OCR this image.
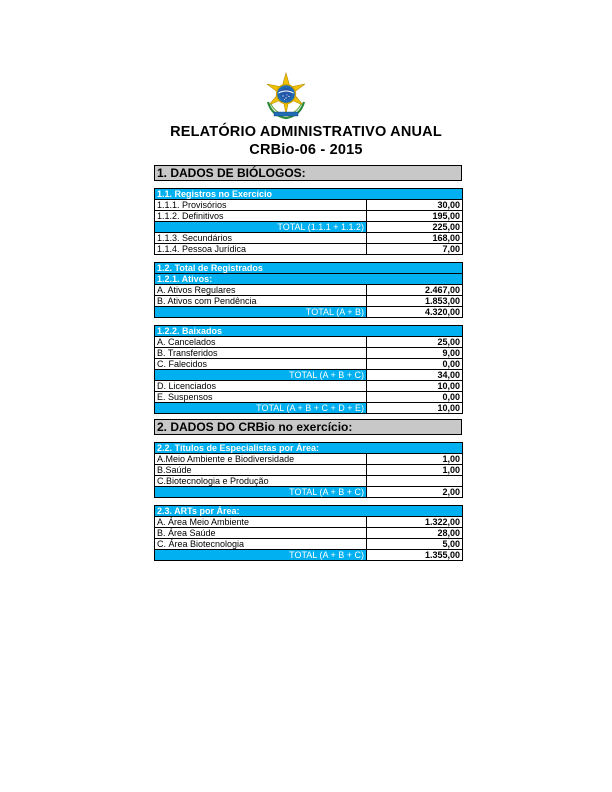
RELATÓRIO ADMINISTRATIVO ANUAL
CRBio-06 - 2015
1. DADOS DE BIÓLOGOS:
1.1. Registros no Exercício	
1.1.1. Provisórios	30,00
1.1.2. Definitivos	195,00
TOTAL (1.1.1 + 1.1.2)	225,00
1.1.3. Secundários	168,00
1.1.4. Pessoa Jurídica	7,00
1.2. Total de Registrados	
1.2.1. Ativos:	
A. Ativos Regulares	2.467,00
B. Ativos com Pendência	1.853,00
TOTAL (A + B)	4.320,00
1.2.2. Baixados	
A. Cancelados	25,00
B. Transferidos	9,00
C. Falecidos	0,00
TOTAL (A + B + C)	34,00
D. Licenciados	10,00
E. Suspensos	0,00
TOTAL (A + B + C + D + E)	10,00
2. DADOS DO CRBio no exercício:
2.2. Títulos de Especialistas por Área:	
A.Meio Ambiente e Biodiversidade	1,00
B.Saúde	1,00
C.Biotecnologia e Produção	
TOTAL (A + B + C)	2,00
2.3. ARTs por Área:	
A. Área Meio Ambiente	1.322,00
B. Área Saúde	28,00
C. Área Biotecnologia	5,00
TOTAL (A + B + C)	1.355,00
